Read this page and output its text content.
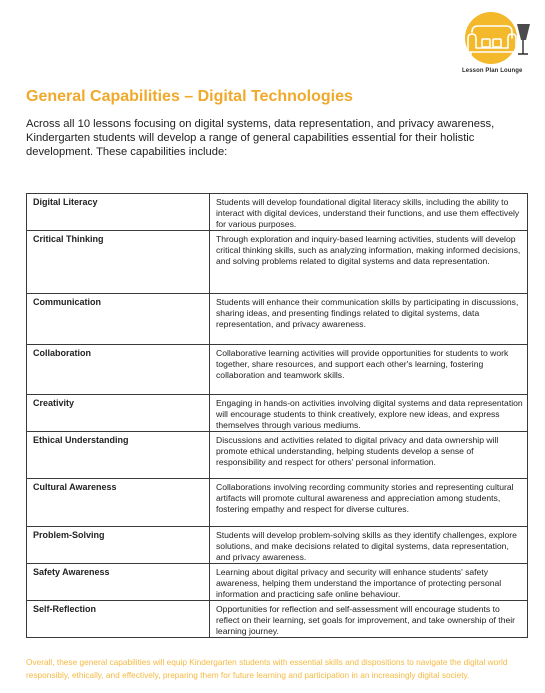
Lesson Plan Lounge
General Capabilities – Digital Technologies

Across all 10 lessons focusing on digital systems, data representation, and privacy awareness, Kindergarten students will develop a range of general capabilities essential for their holistic development. These capabilities include:

Digital Literacy	Students will develop foundational digital literacy skills, including the ability to interact with digital devices, understand their functions, and use them effectively for various purposes.
Critical Thinking	Through exploration and inquiry-based learning activities, students will develop critical thinking skills, such as analyzing information, making informed decisions, and solving problems related to digital systems and data representation.
Communication	Students will enhance their communication skills by participating in discussions, sharing ideas, and presenting findings related to digital systems, data representation, and privacy awareness.
Collaboration	Collaborative learning activities will provide opportunities for students to work together, share resources, and support each other's learning, fostering collaboration and teamwork skills.
Creativity	Engaging in hands-on activities involving digital systems and data representation will encourage students to think creatively, explore new ideas, and express themselves through various mediums.
Ethical Understanding	Discussions and activities related to digital privacy and data ownership will promote ethical understanding, helping students develop a sense of responsibility and respect for others' personal information.
Cultural Awareness	Collaborations involving recording community stories and representing cultural artifacts will promote cultural awareness and appreciation among students, fostering empathy and respect for diverse cultures.
Problem-Solving	Students will develop problem-solving skills as they identify challenges, explore solutions, and make decisions related to digital systems, data representation, and privacy awareness.
Safety Awareness	Learning about digital privacy and security will enhance students' safety awareness, helping them understand the importance of protecting personal information and practicing safe online behaviour.
Self-Reflection	Opportunities for reflection and self-assessment will encourage students to reflect on their learning, set goals for improvement, and take ownership of their learning journey.

Overall, these general capabilities will equip Kindergarten students with essential skills and dispositions to navigate the digital world responsibly, ethically, and effectively, preparing them for future learning and participation in an increasingly digital society.
